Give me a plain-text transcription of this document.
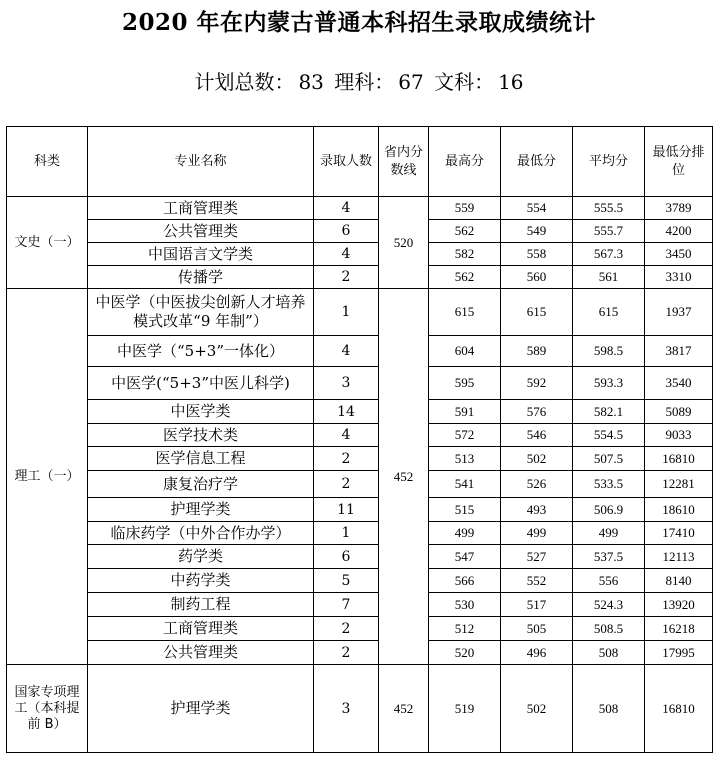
2020 年在内蒙古普通本科招生录取成绩统计
计划总数： 83 理科： 67 文科： 16
科类	专业名称	录取人数	省内分数线	最高分	最低分	平均分	最低分排位
文史（一）	工商管理类	4	520	559	554	555.5	3789
	公共管理类	6		562	549	555.7	4200
	中国语言文学类	4		582	558	567.3	3450
	传播学	2		562	560	561	3310
理工（一）	中医学（中医拔尖创新人才培养模式改革“9 年制”）	1	452	615	615	615	1937
	中医学（“5+3”一体化）	4		604	589	598.5	3817
	中医学(“5+3”中医儿科学)	3		595	592	593.3	3540
	中医学类	14		591	576	582.1	5089
	医学技术类	4		572	546	554.5	9033
	医学信息工程	2		513	502	507.5	16810
	康复治疗学	2		541	526	533.5	12281
	护理学类	11		515	493	506.9	18610
	临床药学（中外合作办学）	1		499	499	499	17410
	药学类	6		547	527	537.5	12113
	中药学类	5		566	552	556	8140
	制药工程	7		530	517	524.3	13920
	工商管理类	2		512	505	508.5	16218
	公共管理类	2		520	496	508	17995
国家专项理工（本科提前 B）	护理学类	3	452	519	502	508	16810
